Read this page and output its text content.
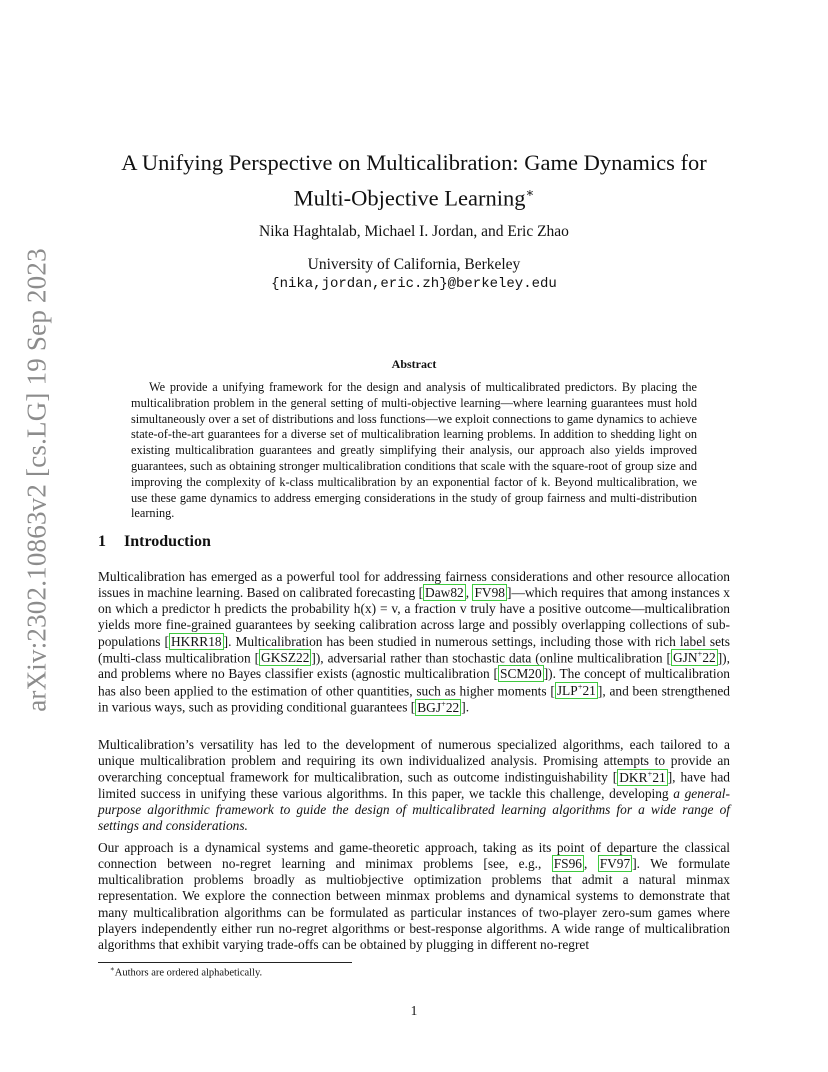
arXiv:2302.10863v2 [cs.LG] 19 Sep 2023
A Unifying Perspective on Multicalibration: Game Dynamics for
Multi-Objective Learning∗
Nika Haghtalab, Michael I. Jordan, and Eric Zhao
University of California, Berkeley
{nika,jordan,eric.zh}@berkeley.edu
Abstract
We provide a unifying framework for the design and analysis of multicalibrated predictors. By placing the multicalibration problem in the general setting of multi-objective learning—where learning guarantees must hold simultaneously over a set of distributions and loss functions—we exploit connections to game dynamics to achieve state-of-the-art guarantees for a diverse set of multicalibration learning problems. In addition to shedding light on existing multicalibration guarantees and greatly simplifying their analysis, our approach also yields improved guarantees, such as obtaining stronger multicalibration conditions that scale with the square-root of group size and improving the complexity of k-class multicalibration by an exponential factor of k. Beyond multicalibration, we use these game dynamics to address emerging considerations in the study of group fairness and multi-distribution learning.
1 Introduction
Multicalibration has emerged as a powerful tool for addressing fairness considerations and other resource allocation issues in machine learning. Based on calibrated forecasting [ Daw82 , FV98 ]—which requires that among instances x on which a predictor h predicts the probability h(x) = v, a fraction v truly have a positive outcome—multicalibration yields more fine-grained guarantees by seeking calibration across large and possibly overlapping collections of sub-populations [ HKRR18 ]. Multicalibration has been studied in numerous settings, including those with rich label sets (multi-class multicalibration [ GKSZ22 ]), adversarial rather than stochastic data (online multicalibration [ GJN+22 ]), and problems where no Bayes classifier exists (agnostic multicalibration [ SCM20 ]). The concept of multicalibration has also been applied to the estimation of other quantities, such as higher moments [ JLP+21 ], and been strengthened in various ways, such as providing conditional guarantees [ BGJ+22 ].
Multicalibration’s versatility has led to the development of numerous specialized algorithms, each tailored to a unique multicalibration problem and requiring its own individualized analysis. Promising attempts to provide an overarching conceptual framework for multicalibration, such as outcome indistinguishability [ DKR+21 ], have had limited success in unifying these various algorithms. In this paper, we tackle this challenge, developing a general-purpose algorithmic framework to guide the design of multicalibrated learning algorithms for a wide range of settings and considerations.
Our approach is a dynamical systems and game-theoretic approach, taking as its point of departure the classical connection between no-regret learning and minimax problems [see, e.g., FS96 , FV97 ]. We formulate multicalibration problems broadly as multiobjective optimization problems that admit a natural minmax representation. We explore the connection between minmax problems and dynamical systems to demonstrate that many multicalibration algorithms can be formulated as particular instances of two-player zero-sum games where players independently either run no-regret algorithms or best-response algorithms. A wide range of multicalibration algorithms that exhibit varying trade-offs can be obtained by plugging in different no-regret
∗Authors are ordered alphabetically.
1
